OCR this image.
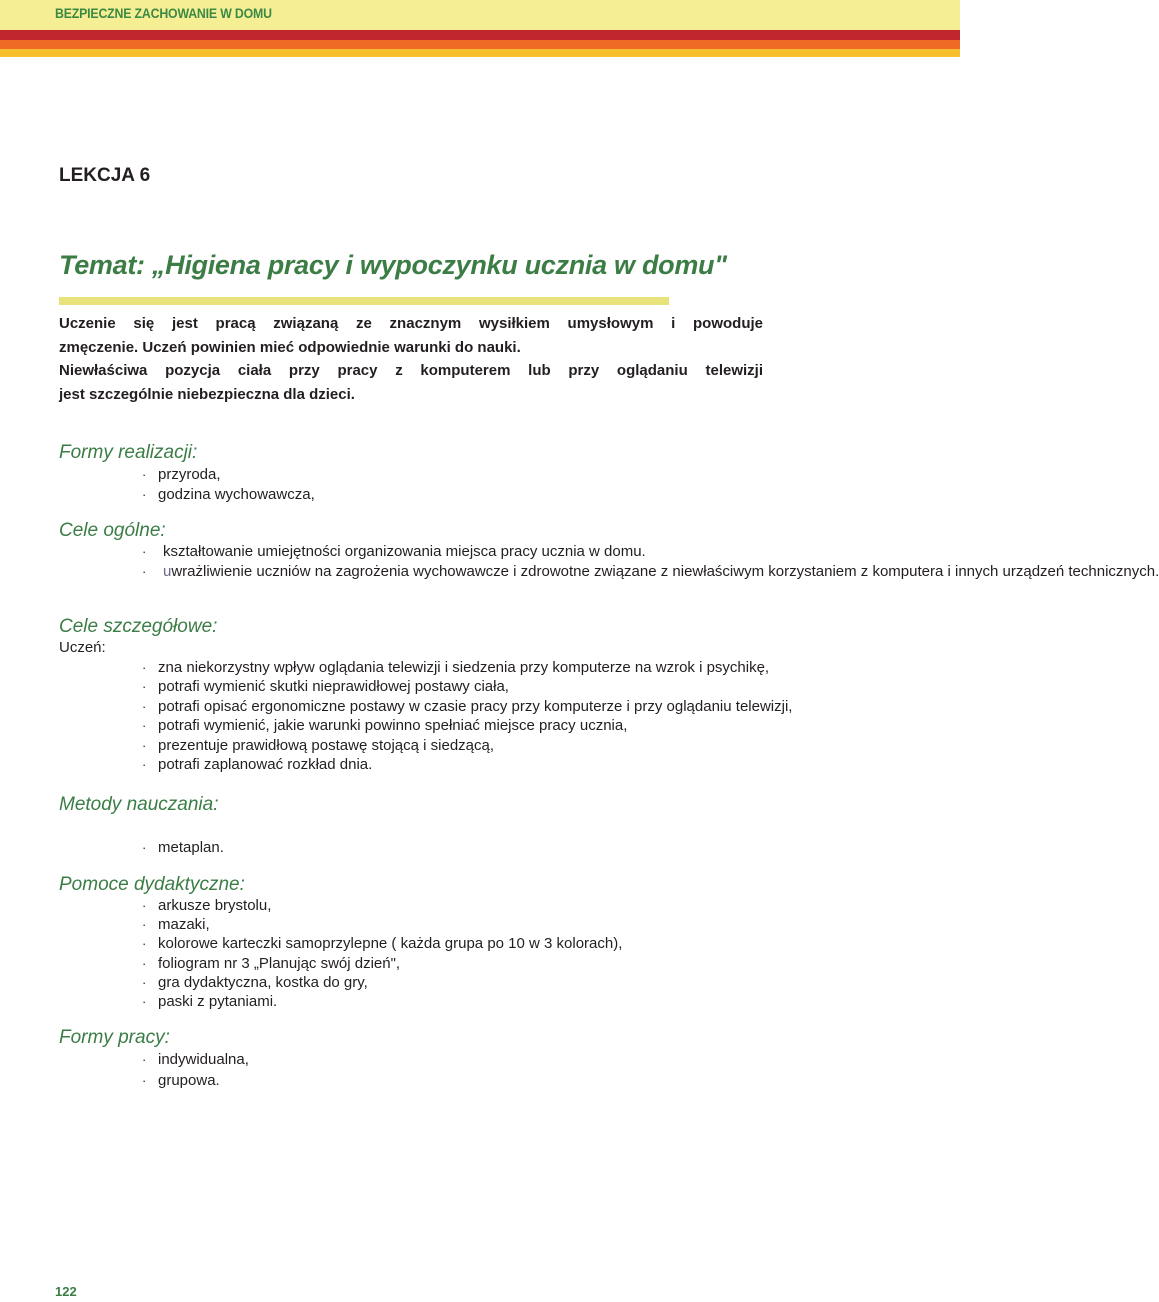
BEZPIECZNE ZACHOWANIE W DOMU
LEKCJA 6
Temat: „Higiena pracy i wypoczynku ucznia w domu"

Uczenie się jest pracą związaną ze znacznym wysiłkiem umysłowym i powoduje

zmęczenie. Uczeń powinien mieć odpowiednie warunki do nauki.

Niewłaściwa pozycja ciała przy pracy z komputerem lub przy oglądaniu telewizji

jest szczególnie niebezpieczna dla dzieci.

Formy realizacji:
· przyroda,
· godzina wychowawcza,
Cele ogólne:
· kształtowanie umiejętności organizowania miejsca pracy ucznia w domu.
· uwrażliwienie uczniów na zagrożenia wychowawcze i zdrowotne związane z niewłaściwym korzystaniem z komputera i innych urządzeń technicznych.
Cele szczegółowe:
Uczeń:
· zna niekorzystny wpływ oglądania telewizji i siedzenia przy komputerze na wzrok i psychikę,
· potrafi wymienić skutki nieprawidłowej postawy ciała,
· potrafi opisać ergonomiczne postawy w czasie pracy przy komputerze i przy oglądaniu telewizji,
· potrafi wymienić, jakie warunki powinno spełniać miejsce pracy ucznia,
· prezentuje prawidłową postawę stojącą i siedzącą,
· potrafi zaplanować rozkład dnia.
Metody nauczania:
· metaplan.
Pomoce dydaktyczne:
· arkusze brystolu,
· mazaki,
· kolorowe karteczki samoprzylepne ( każda grupa po 10 w 3 kolorach),
· foliogram nr 3 „Planując swój dzień",
· gra dydaktyczna, kostka do gry,
· paski z pytaniami.
Formy pracy:
· indywidualna,
· grupowa.
122
